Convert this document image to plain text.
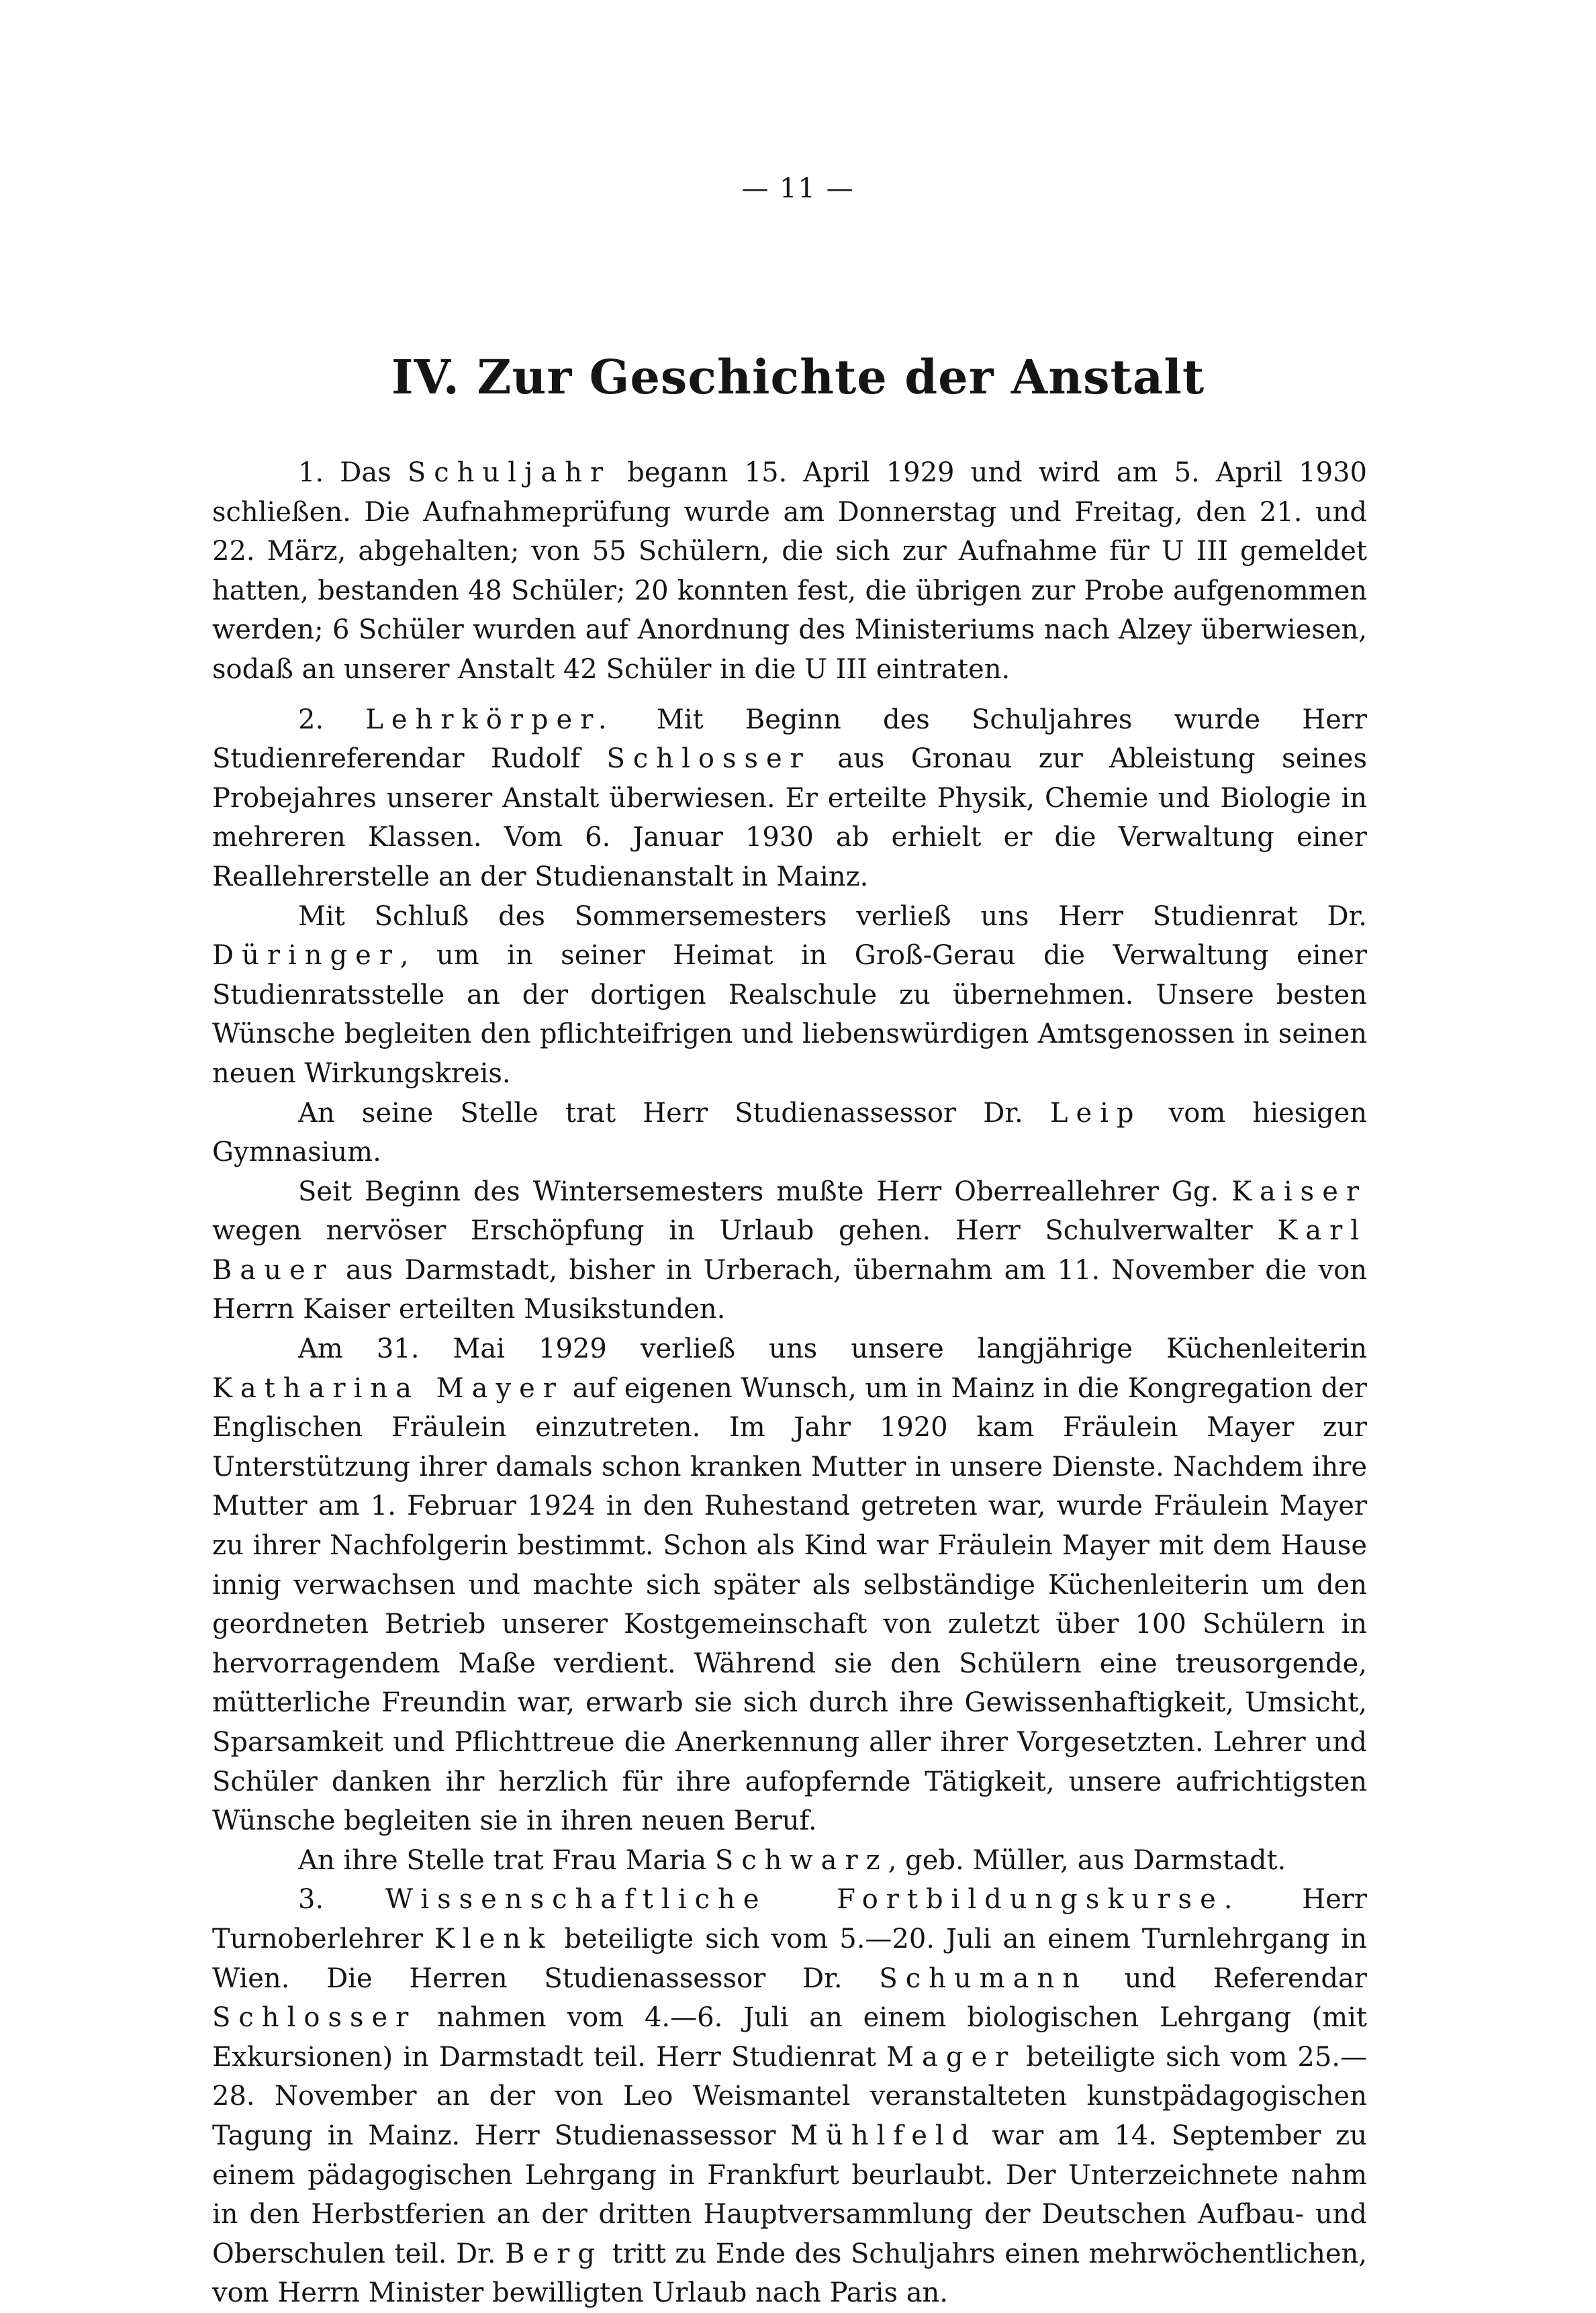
— 11 —
IV. Zur Geschichte der Anstalt

1. Das Schuljahr begann 15. April 1929 und wird am 5. April 1930 schließen. Die Aufnahmeprüfung wurde am Donnerstag und Freitag, den 21. und 22. März, abgehalten; von 55 Schülern, die sich zur Aufnahme für U III gemeldet hatten, bestanden 48 Schüler; 20 konnten fest, die übrigen zur Probe aufgenommen werden; 6 Schüler wurden auf Anordnung des Ministeriums nach Alzey überwiesen, sodaß an unserer Anstalt 42 Schüler in die U III eintraten.

2. Lehrkörper. Mit Beginn des Schuljahres wurde Herr Studienreferendar Rudolf Schlosser aus Gronau zur Ableistung seines Probejahres unserer Anstalt überwiesen. Er erteilte Physik, Chemie und Biologie in mehreren Klassen. Vom 6. Januar 1930 ab erhielt er die Verwaltung einer Reallehrerstelle an der Studienanstalt in Mainz.

Mit Schluß des Sommersemesters verließ uns Herr Studienrat Dr. Düringer, um in seiner Heimat in Groß-Gerau die Verwaltung einer Studienratsstelle an der dortigen Realschule zu übernehmen. Unsere besten Wünsche begleiten den pflichteifrigen und liebenswürdigen Amtsgenossen in seinen neuen Wirkungskreis.

An seine Stelle trat Herr Studienassessor Dr. Leip vom hiesigen Gymnasium.

Seit Beginn des Wintersemesters mußte Herr Oberreallehrer Gg. Kaiser wegen nervöser Erschöpfung in Urlaub gehen. Herr Schulverwalter Karl Bauer aus Darmstadt, bisher in Urberach, übernahm am 11. November die von Herrn Kaiser erteilten Musikstunden.

Am 31. Mai 1929 verließ uns unsere langjährige Küchenleiterin Katharina Mayer auf eigenen Wunsch, um in Mainz in die Kongregation der Englischen Fräulein einzutreten. Im Jahr 1920 kam Fräulein Mayer zur Unterstützung ihrer damals schon kranken Mutter in unsere Dienste. Nachdem ihre Mutter am 1. Februar 1924 in den Ruhestand getreten war, wurde Fräulein Mayer zu ihrer Nachfolgerin bestimmt. Schon als Kind war Fräulein Mayer mit dem Hause innig verwachsen und machte sich später als selbständige Küchenleiterin um den geordneten Betrieb unserer Kostgemeinschaft von zuletzt über 100 Schülern in hervorragendem Maße verdient. Während sie den Schülern eine treusorgende, mütterliche Freundin war, erwarb sie sich durch ihre Gewissenhaftigkeit, Umsicht, Sparsamkeit und Pflichttreue die Anerkennung aller ihrer Vorgesetzten. Lehrer und Schüler danken ihr herzlich für ihre aufopfernde Tätigkeit, unsere aufrichtigsten Wünsche begleiten sie in ihren neuen Beruf.

An ihre Stelle trat Frau Maria Schwarz, geb. Müller, aus Darmstadt.

3. Wissenschaftliche Fortbildungskurse. Herr Turnoberlehrer Klenk beteiligte sich vom 5.—20. Juli an einem Turnlehrgang in Wien. Die Herren Studienassessor Dr. Schumann und Referendar Schlosser nahmen vom 4.—6. Juli an einem biologischen Lehrgang (mit Exkursionen) in Darmstadt teil. Herr Studienrat Mager beteiligte sich vom 25.—28. November an der von Leo Weismantel veranstalteten kunstpädagogischen Tagung in Mainz. Herr Studienassessor Mühlfeld war am 14. September zu einem pädagogischen Lehrgang in Frankfurt beurlaubt. Der Unterzeichnete nahm in den Herbstferien an der dritten Hauptversammlung der Deutschen Aufbau- und Oberschulen teil. Dr. Berg tritt zu Ende des Schuljahrs einen mehrwöchentlichen, vom Herrn Minister bewilligten Urlaub nach Paris an.
